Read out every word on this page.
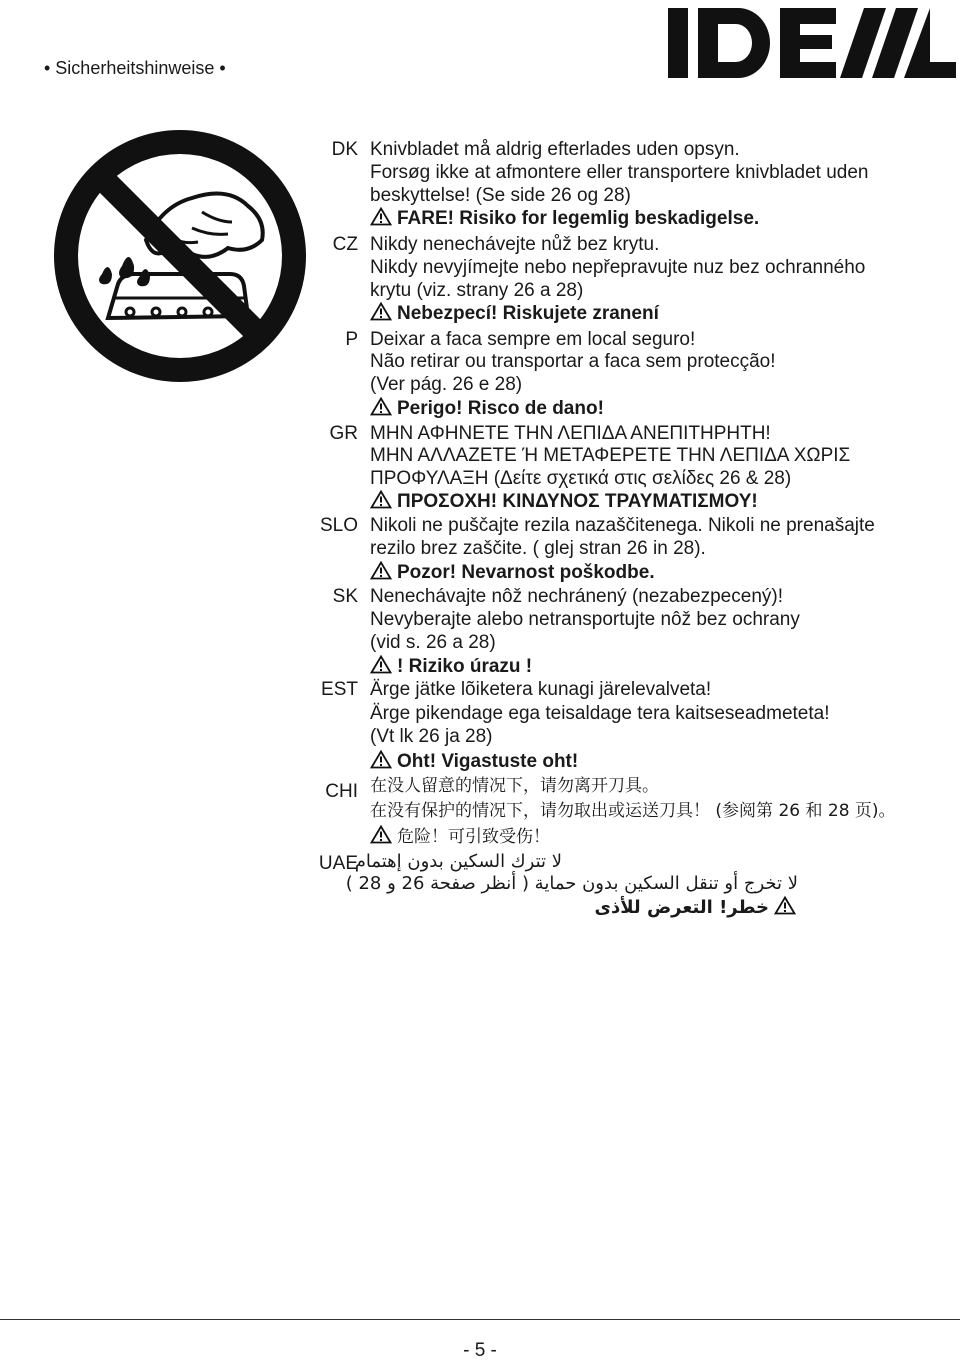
• Sicherheitshinweise •
DK
CZ
P
GR
SLO
SK
EST
CHI
UAE
Knivbladet må aldrig efterlades uden opsyn.
Forsøg ikke at afmontere eller transportere knivbladet uden
beskyttelse! (Se side 26 og 28)
FARE! Risiko for legemlig beskadigelse.
Nikdy nenechávejte nůž bez krytu.
Nikdy nevyjímejte nebo nepřepravujte nuz bez ochranného
krytu (viz. strany 26 a 28)
Nebezpecí! Riskujete zranení
Deixar a faca sempre em local seguro!
Não retirar ou transportar a faca sem protecção!
(Ver pág. 26 e 28)
Perigo! Risco de dano!
ΜΗΝ ΑΦΗΝΕΤΕ ΤΗΝ ΛΕΠΙΔΑ ΑΝΕΠΙΤΗΡΗΤΗ!
ΜΗΝ ΑΛΛΑΖΕΤΕ Ή ΜΕΤΑΦΕΡΕΤΕ ΤΗΝ ΛΕΠΙΔΑ ΧΩΡΙΣ
ΠΡΟΦΥΛΑΞΗ (Δείτε σχετικά στις σελίδες 26 & 28)
ΠΡΟΣΟΧΗ! ΚΙΝΔΥΝΟΣ ΤΡΑΥΜΑΤΙΣΜΟΥ!
Nikoli ne puščajte rezila nazaščitenega. Nikoli ne prenašajte
rezilo brez zaščite. ( glej stran 26 in 28).
Pozor! Nevarnost poškodbe.
Nenechávajte nôž nechránený (nezabezpecený)!
Nevyberajte alebo netransportujte nôž bez ochrany
(vid s. 26 a 28)
! Riziko úrazu !
Ärge jätke lõiketera kunagi järelevalveta!
Ärge pikendage ega teisaldage tera kaitseseadmeteta!
(Vt lk 26 ja 28)
Oht! Vigastuste oht!
在没人留意的情况下，请勿离开刀具。
在没有保护的情况下，请勿取出或运送刀具！ (参阅第 26 和 28 页)。
危险！可引致受伤！
لا تترك السكين بدون إهتمام
لا تخرج أو تنقل السكين بدون حماية ( أنظر صفحة 26 و 28 )
خطر! التعرض للأذى
- 5 -
